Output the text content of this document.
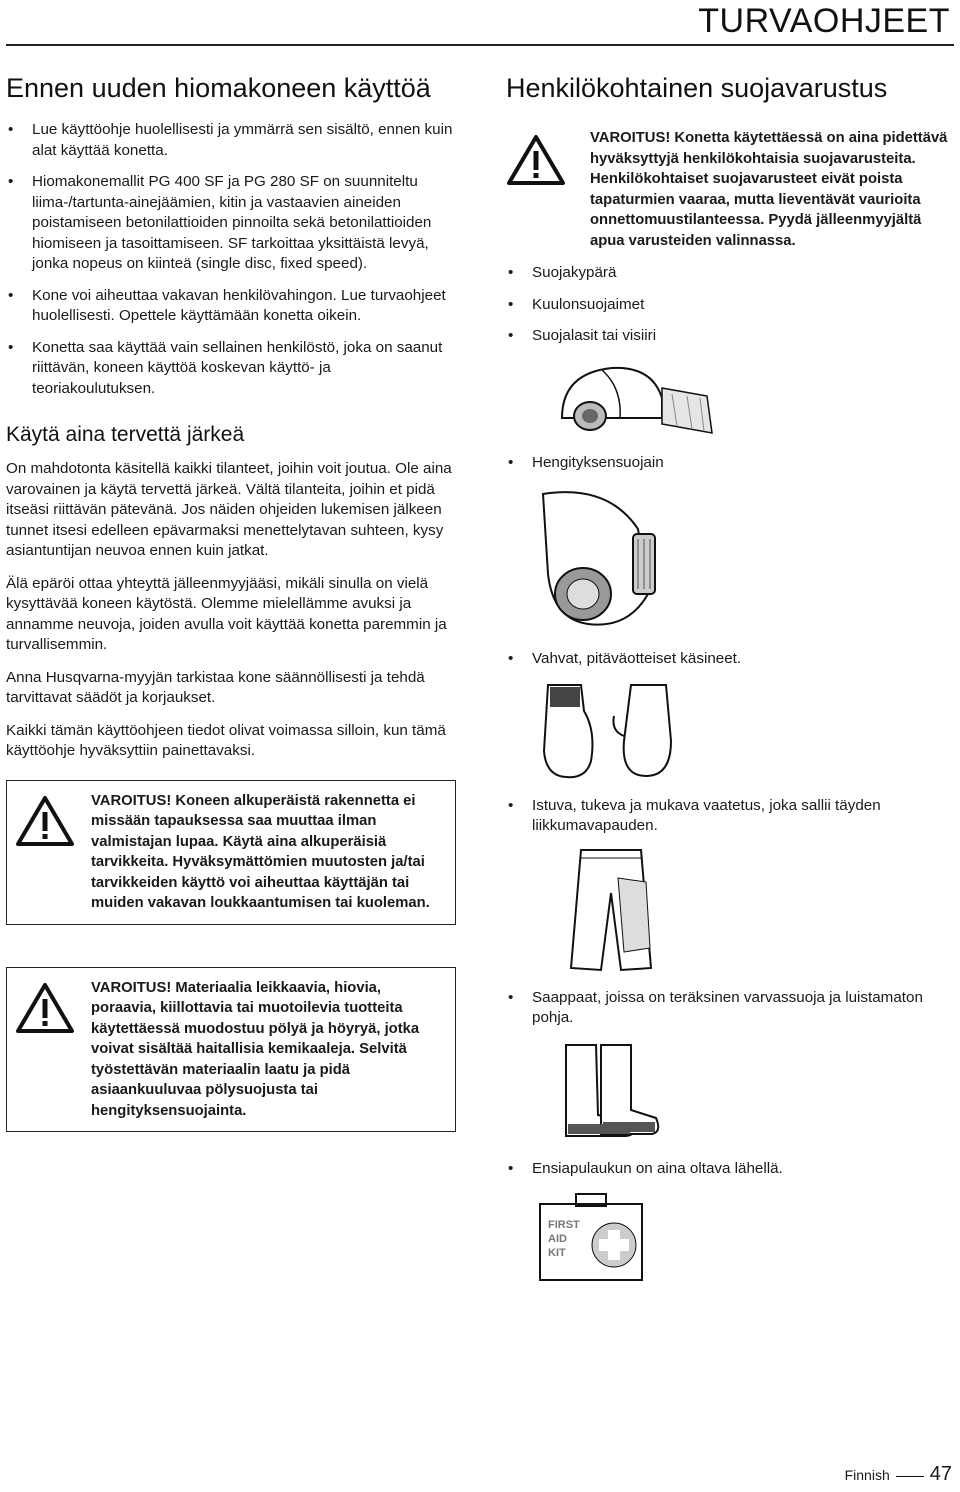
TURVAOHJEET
Ennen uuden hiomakoneen käyttöä
• Lue käyttöohje huolellisesti ja ymmärrä sen sisältö, ennen kuin alat käyttää konetta.
• Hiomakonemallit PG 400 SF ja PG 280 SF on suunniteltu liima-/tartunta-ainejäämien, kitin ja vastaavien aineiden poistamiseen betonilattioiden pinnoilta sekä betonilattioiden hiomiseen ja tasoittamiseen. SF tarkoittaa yksittäistä levyä, jonka nopeus on kiinteä (single disc, fixed speed).
• Kone voi aiheuttaa vakavan henkilövahingon. Lue turvaohjeet huolellisesti. Opettele käyttämään konetta oikein.
• Konetta saa käyttää vain sellainen henkilöstö, joka on saanut riittävän, koneen käyttöä koskevan käyttö- ja teoriakoulutuksen.
Käytä aina tervettä järkeä

On mahdotonta käsitellä kaikki tilanteet, joihin voit joutua. Ole aina varovainen ja käytä tervettä järkeä. Vältä tilanteita, joihin et pidä itseäsi riittävän pätevänä. Jos näiden ohjeiden lukemisen jälkeen tunnet itsesi edelleen epävarmaksi menettelytavan suhteen, kysy asiantuntijan neuvoa ennen kuin jatkat.

Älä epäröi ottaa yhteyttä jälleenmyyjääsi, mikäli sinulla on vielä kysyttävää koneen käytöstä. Olemme mielellämme avuksi ja annamme neuvoja, joiden avulla voit käyttää konetta paremmin ja turvallisemmin.

Anna Husqvarna-myyjän tarkistaa kone säännöllisesti ja tehdä tarvittavat säädöt ja korjaukset.

Kaikki tämän käyttöohjeen tiedot olivat voimassa silloin, kun tämä käyttöohje hyväksyttiin painettavaksi.

VAROITUS! Koneen alkuperäistä rakennetta ei missään tapauksessa saa muuttaa ilman valmistajan lupaa. Käytä aina alkuperäisiä tarvikkeita. Hyväksymättömien muutosten ja/tai tarvikkeiden käyttö voi aiheuttaa käyttäjän tai muiden vakavan loukkaantumisen tai kuoleman.
VAROITUS! Materiaalia leikkaavia, hiovia, poraavia, kiillottavia tai muotoilevia tuotteita käytettäessä muodostuu pölyä ja höyryä, jotka voivat sisältää haitallisia kemikaaleja. Selvitä työstettävän materiaalin laatu ja pidä asiaankuuluvaa pölysuojusta tai hengityksensuojainta.
Henkilökohtainen suojavarustus
VAROITUS! Konetta käytettäessä on aina pidettävä hyväksyttyjä henkilökohtaisia suojavarusteita. Henkilökohtaiset suojavarusteet eivät poista tapaturmien vaaraa, mutta lieventävät vaurioita onnettomuustilanteessa. Pyydä jälleenmyyjältä apua varusteiden valinnassa.
• Suojakypärä
• Kuulonsuojaimet
• Suojalasit tai visiiri
• Hengityksensuojain
• Vahvat, pitäväotteiset käsineet.
• Istuva, tukeva ja mukava vaatetus, joka sallii täyden liikkumavapauden.
• Saappaat, joissa on teräksinen varvassuoja ja luistamaton pohja.
• Ensiapulaukun on aina oltava lähellä.
FIRST
AID
KIT
Finnish 47
